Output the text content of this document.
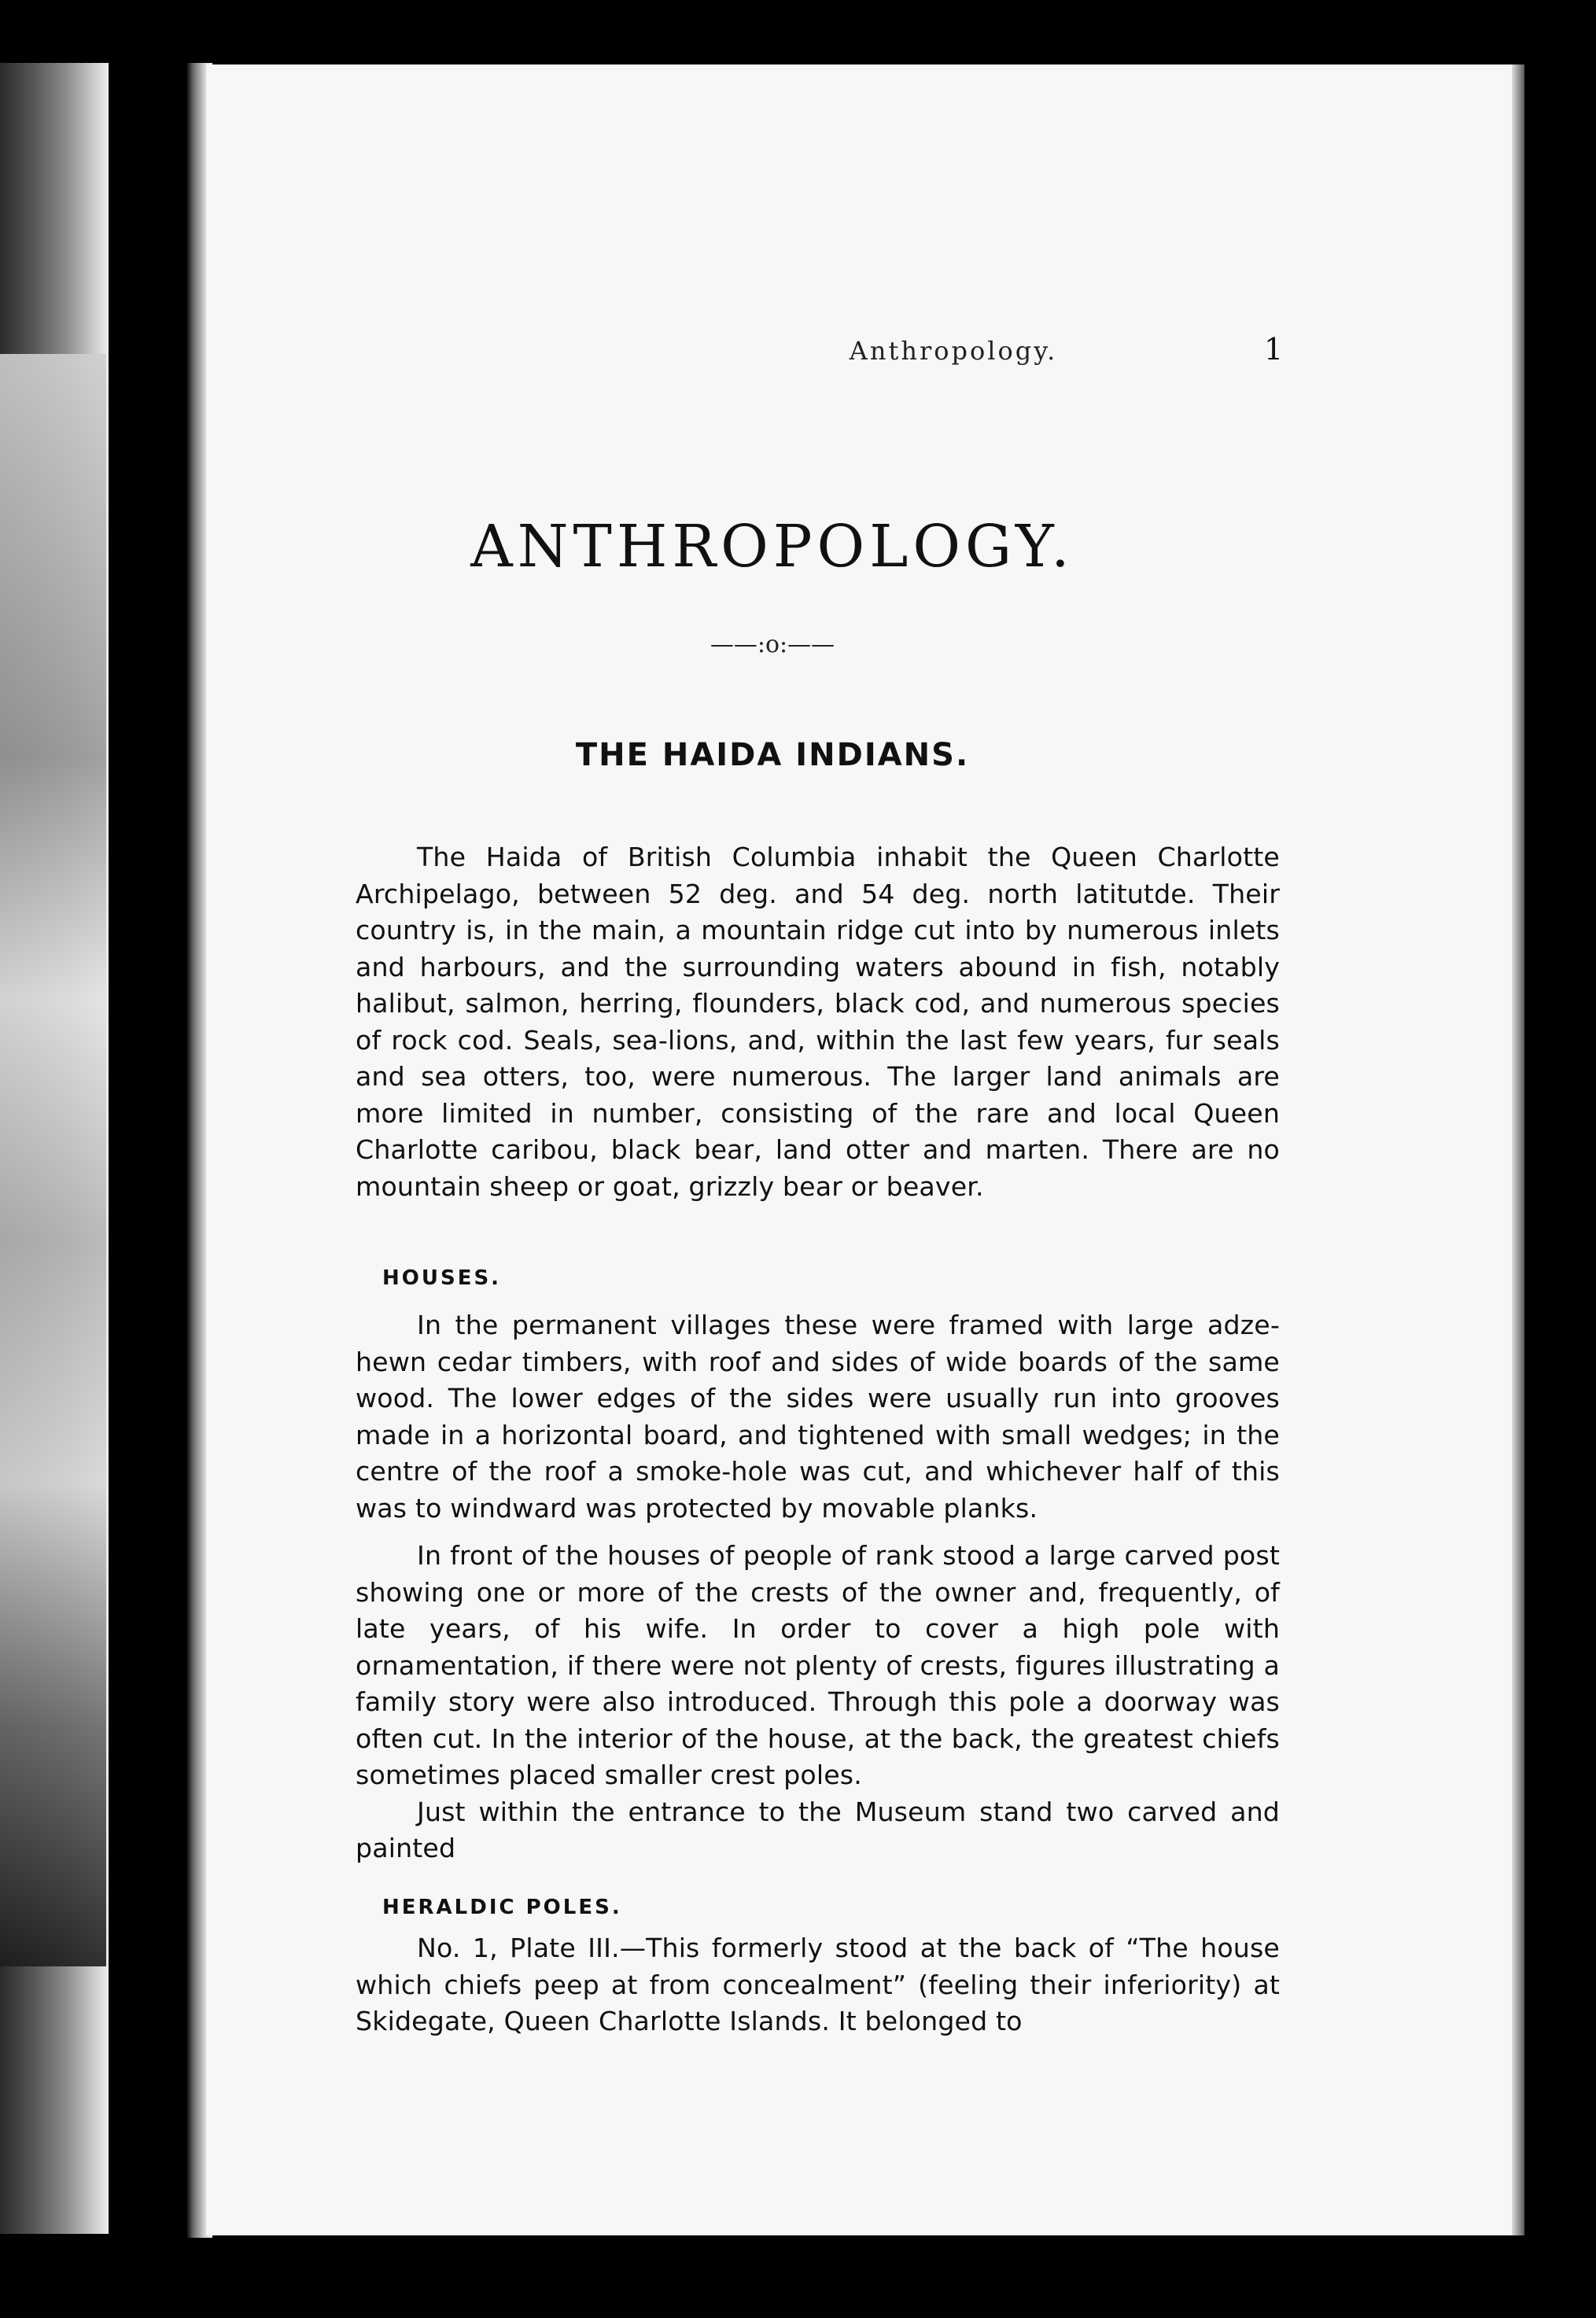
Anthropology.	1
ANTHROPOLOGY.
——:o:——
THE HAIDA INDIANS.

The Haida of British Columbia inhabit the Queen Charlotte Archipelago, between 52 deg. and 54 deg. north latitutde. Their country is, in the main, a mountain ridge cut into by numerous inlets and harbours, and the surrounding waters abound in fish, notably halibut, salmon, herring, flounders, black cod, and numerous species of rock cod. Seals, sea-lions, and, within the last few years, fur seals and sea otters, too, were numerous. The larger land animals are more limited in number, consisting of the rare and local Queen Charlotte caribou, black bear, land otter and marten. There are no mountain sheep or goat, grizzly bear or beaver.

HOUSES.

In the permanent villages these were framed with large adze-hewn cedar timbers, with roof and sides of wide boards of the same wood. The lower edges of the sides were usually run into grooves made in a horizontal board, and tightened with small wedges; in the centre of the roof a smoke-hole was cut, and whichever half of this was to windward was protected by movable planks.

In front of the houses of people of rank stood a large carved post showing one or more of the crests of the owner and, frequently, of late years, of his wife. In order to cover a high pole with ornamentation, if there were not plenty of crests, figures illustrating a family story were also introduced. Through this pole a doorway was often cut. In the interior of the house, at the back, the greatest chiefs sometimes placed smaller crest poles.

Just within the entrance to the Museum stand two carved and painted

HERALDIC POLES.

No. 1, Plate III.—This formerly stood at the back of “The house which chiefs peep at from concealment” (feeling their inferiority) at Skidegate, Queen Charlotte Islands. It belonged to
